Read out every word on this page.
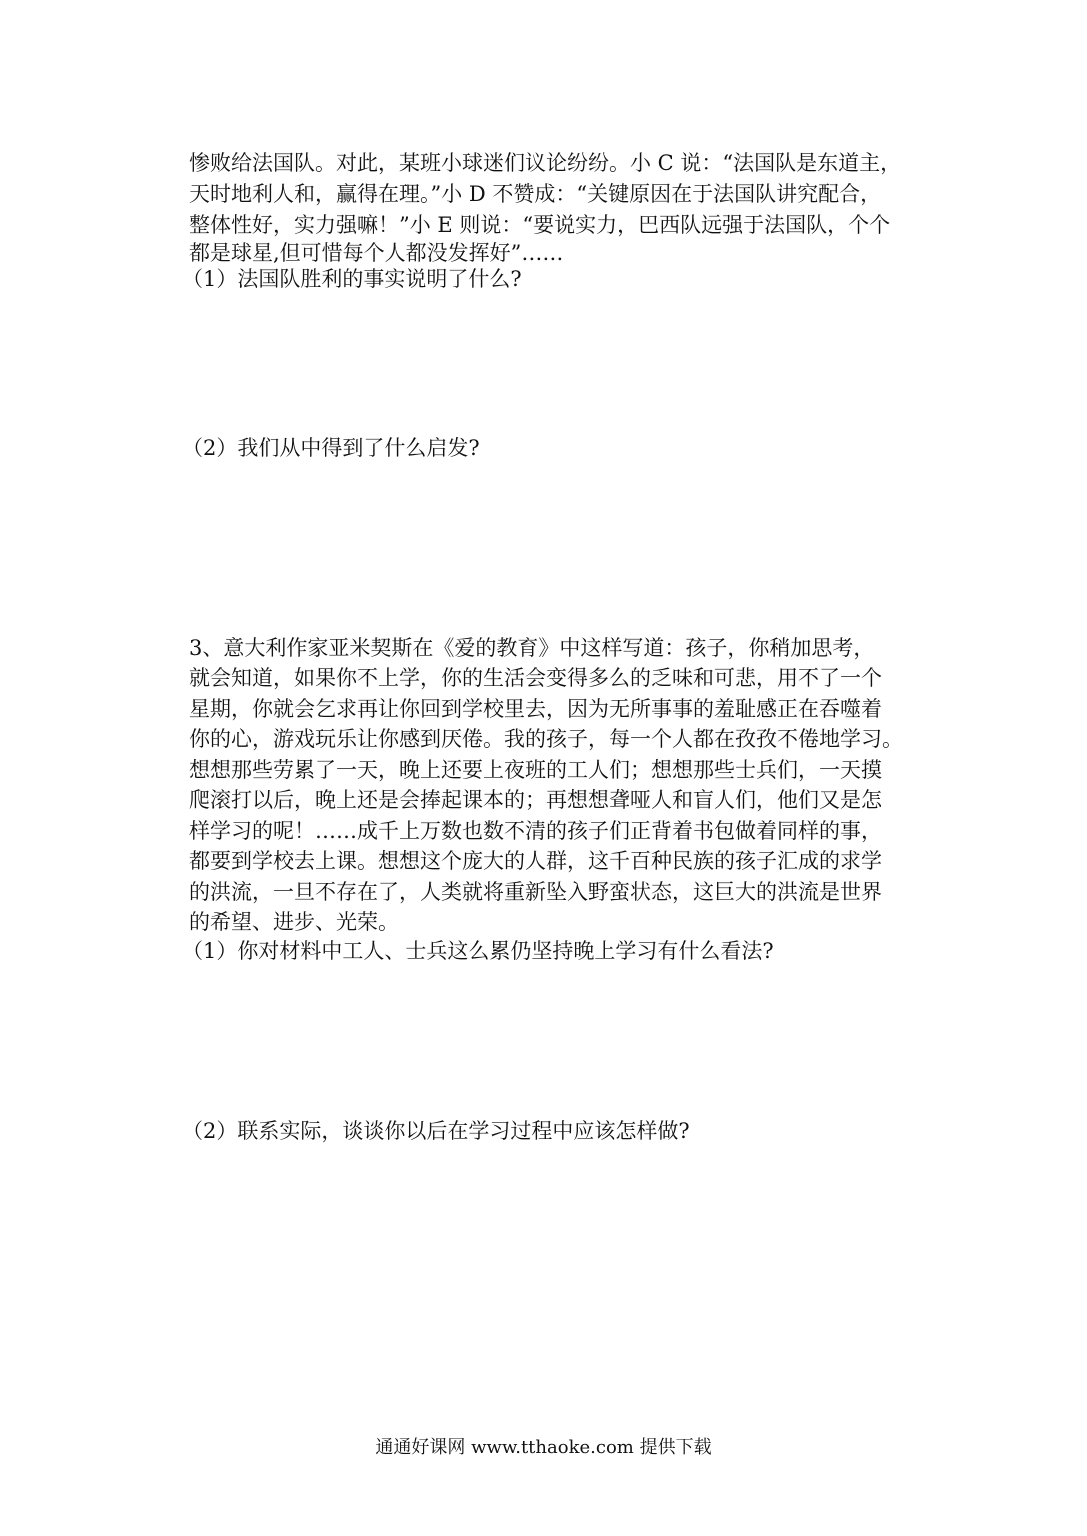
惨败给法国队。对此，某班小球迷们议论纷纷。小 C 说：“法国队是东道主，
天时地利人和，赢得在理。”小 D 不赞成：“关键原因在于法国队讲究配合，
整体性好，实力强嘛！”小 E 则说：“要说实力，巴西队远强于法国队，个个
都是球星,但可惜每个人都没发挥好”……
（1）法国队胜利的事实说明了什么?
（2）我们从中得到了什么启发?
3、意大利作家亚米契斯在《爱的教育》中这样写道：孩子，你稍加思考，
就会知道，如果你不上学，你的生活会变得多么的乏味和可悲，用不了一个
星期，你就会乞求再让你回到学校里去，因为无所事事的羞耻感正在吞噬着
你的心，游戏玩乐让你感到厌倦。我的孩子，每一个人都在孜孜不倦地学习。
想想那些劳累了一天，晚上还要上夜班的工人们；想想那些士兵们，一天摸
爬滚打以后，晚上还是会捧起课本的；再想想聋哑人和盲人们，他们又是怎
样学习的呢！……成千上万数也数不清的孩子们正背着书包做着同样的事，
都要到学校去上课。想想这个庞大的人群，这千百种民族的孩子汇成的求学
的洪流，一旦不存在了，人类就将重新坠入野蛮状态，这巨大的洪流是世界
的希望、进步、光荣。
（1）你对材料中工人、士兵这么累仍坚持晚上学习有什么看法?
（2）联系实际，谈谈你以后在学习过程中应该怎样做?
通通好课网 www.tthaoke.com 提供下载
